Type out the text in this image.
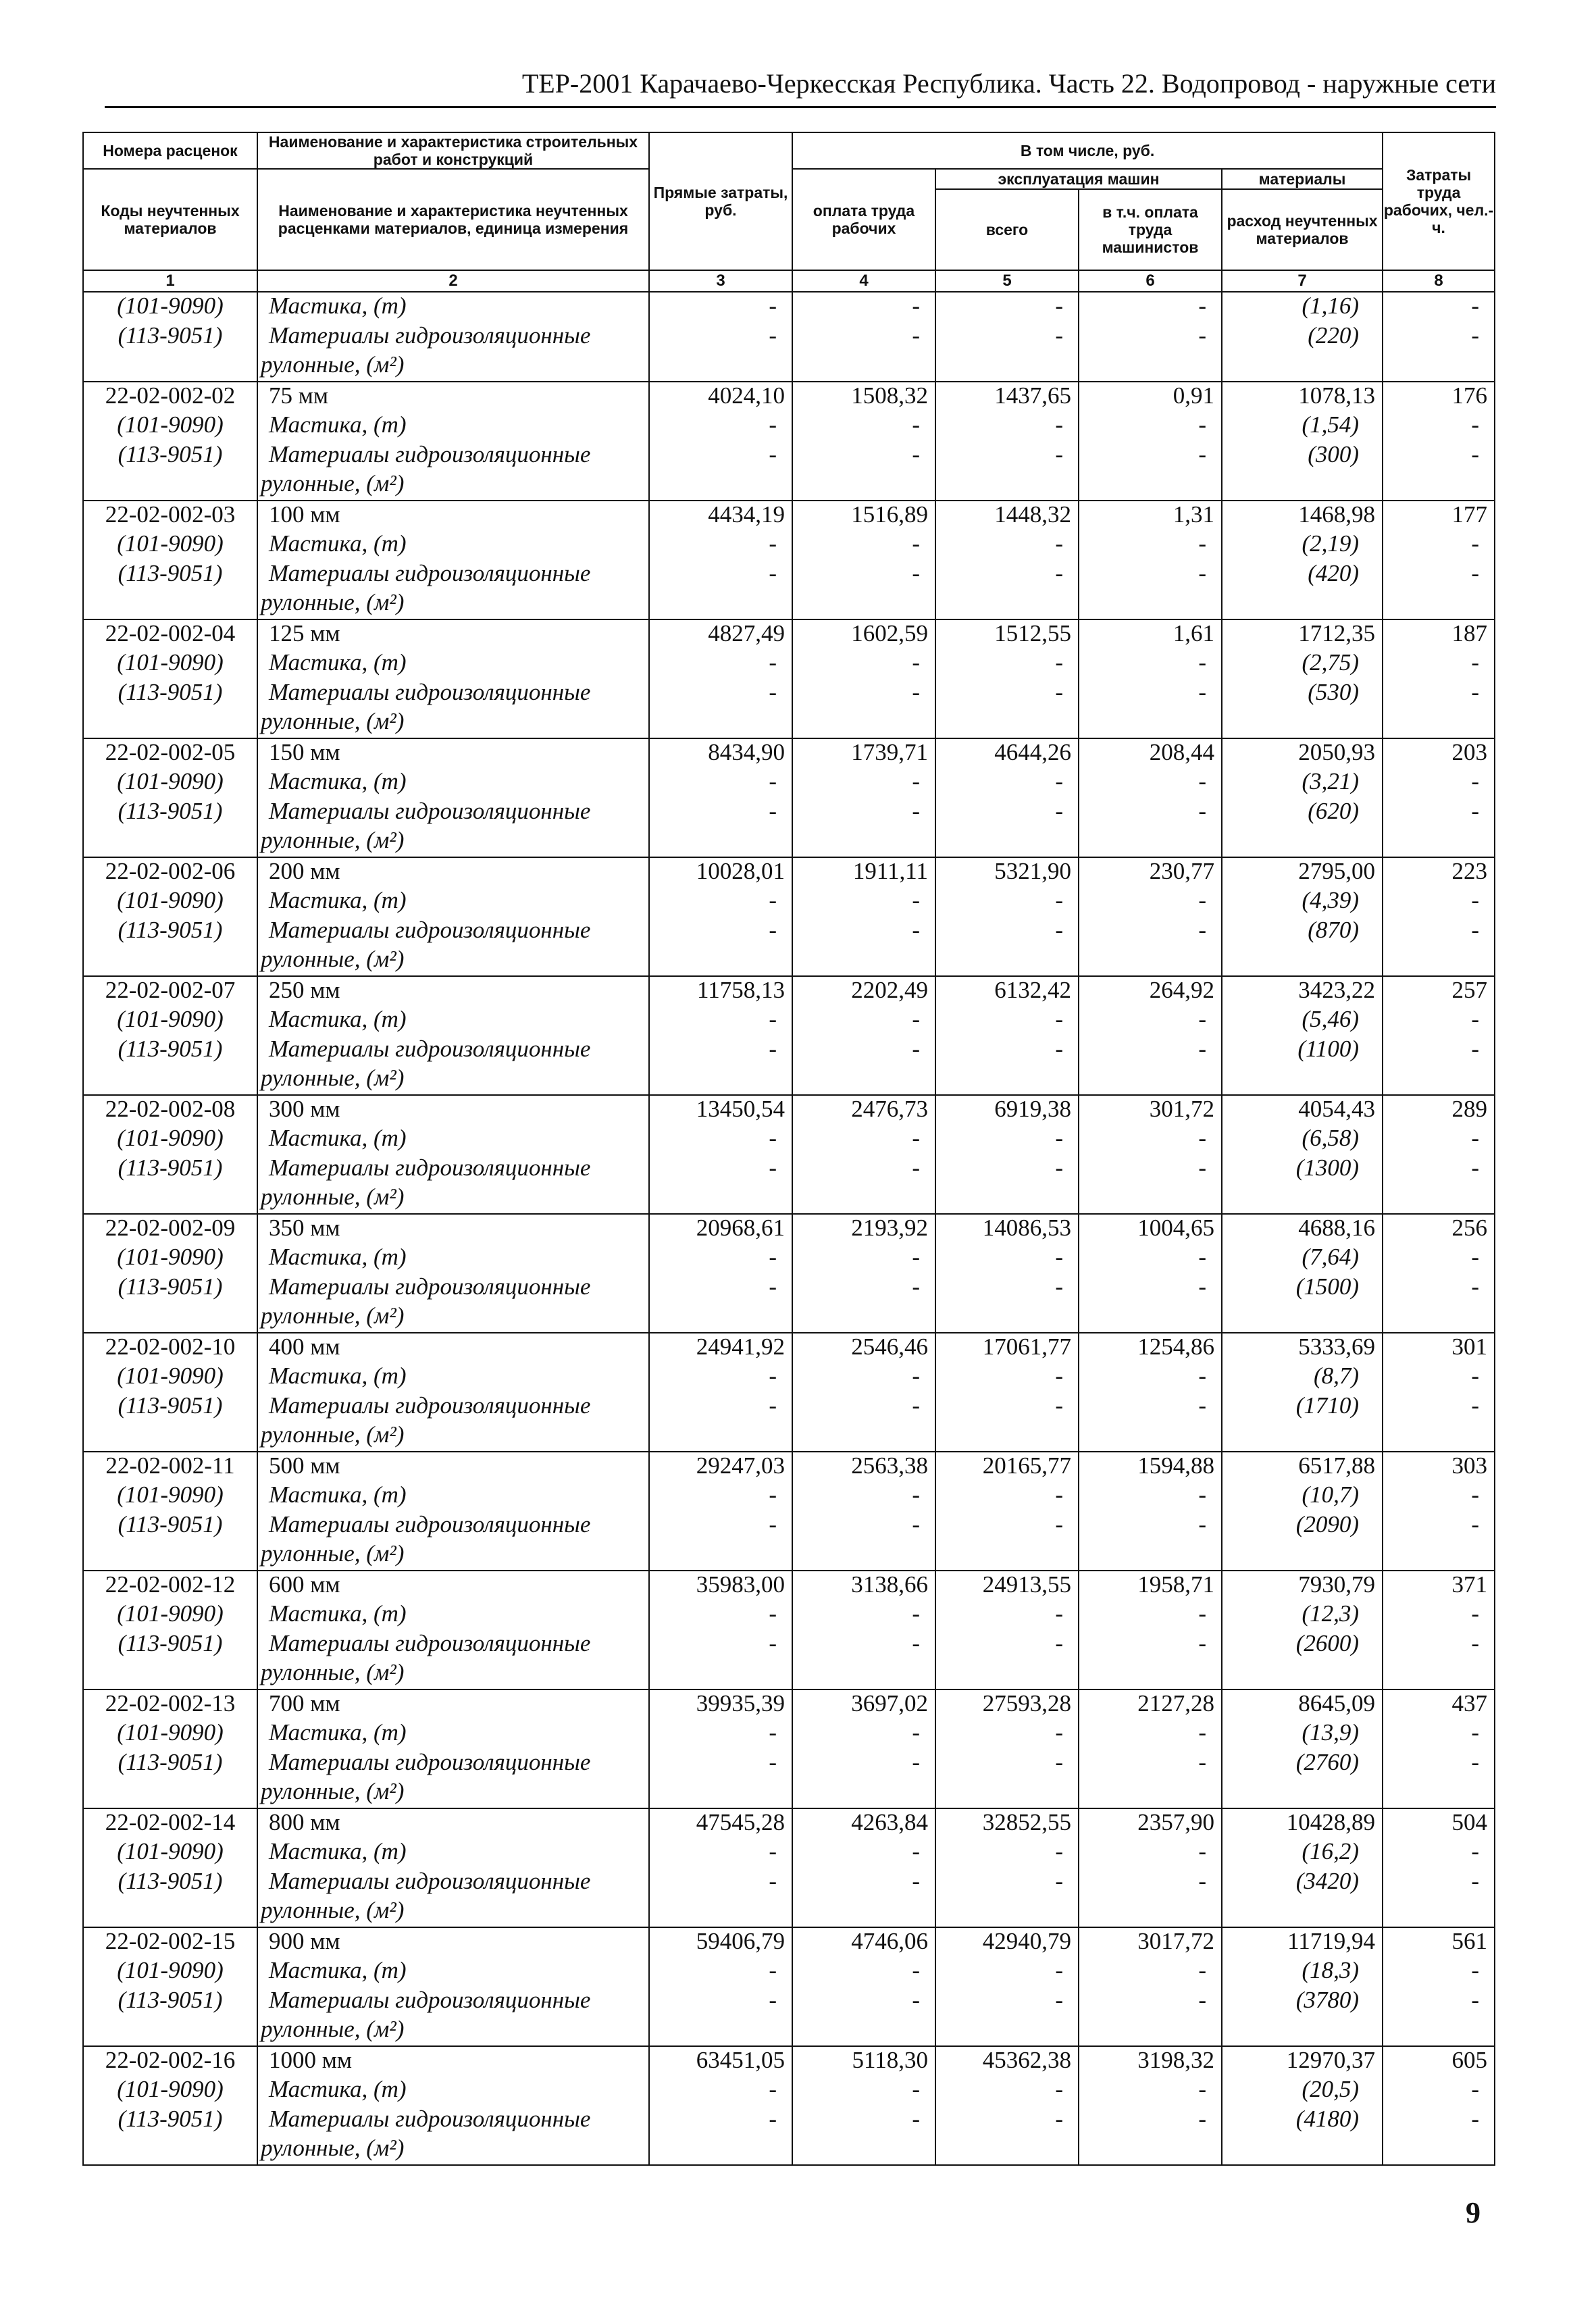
ТЕР-2001 Карачаево-Черкесская Республика. Часть 22. Водопровод - наружные сети
Номера расценок	Наименование и характеристика строительных работ и конструкций	Прямые затраты, руб.	В том числе, руб.				Затраты труда рабочих, чел.-ч.
Коды неучтенных материалов	Наименование и характеристика неучтенных расценками материалов, единица измерения		оплата труда рабочих	эксплуатация машин		материалы	
				всего	в т.ч. оплата труда машинистов	расход неучтенных материалов	
1	2	3	4	5	6	7	8
(101-9090)	Мастика, (т)	-	-	-	-	(1,16)	-
(113-9051)	Материалы гидроизоляционные	-	-	-	-	(220)	-
	рулонные, (м²)						
22-02-002-02	75 мм	4024,10	1508,32	1437,65	0,91	1078,13	176
(101-9090)	Мастика, (т)	-	-	-	-	(1,54)	-
(113-9051)	Материалы гидроизоляционные	-	-	-	-	(300)	-
	рулонные, (м²)						
22-02-002-03	100 мм	4434,19	1516,89	1448,32	1,31	1468,98	177
(101-9090)	Мастика, (т)	-	-	-	-	(2,19)	-
(113-9051)	Материалы гидроизоляционные	-	-	-	-	(420)	-
	рулонные, (м²)						
22-02-002-04	125 мм	4827,49	1602,59	1512,55	1,61	1712,35	187
(101-9090)	Мастика, (т)	-	-	-	-	(2,75)	-
(113-9051)	Материалы гидроизоляционные	-	-	-	-	(530)	-
	рулонные, (м²)						
22-02-002-05	150 мм	8434,90	1739,71	4644,26	208,44	2050,93	203
(101-9090)	Мастика, (т)	-	-	-	-	(3,21)	-
(113-9051)	Материалы гидроизоляционные	-	-	-	-	(620)	-
	рулонные, (м²)						
22-02-002-06	200 мм	10028,01	1911,11	5321,90	230,77	2795,00	223
(101-9090)	Мастика, (т)	-	-	-	-	(4,39)	-
(113-9051)	Материалы гидроизоляционные	-	-	-	-	(870)	-
	рулонные, (м²)						
22-02-002-07	250 мм	11758,13	2202,49	6132,42	264,92	3423,22	257
(101-9090)	Мастика, (т)	-	-	-	-	(5,46)	-
(113-9051)	Материалы гидроизоляционные	-	-	-	-	(1100)	-
	рулонные, (м²)						
22-02-002-08	300 мм	13450,54	2476,73	6919,38	301,72	4054,43	289
(101-9090)	Мастика, (т)	-	-	-	-	(6,58)	-
(113-9051)	Материалы гидроизоляционные	-	-	-	-	(1300)	-
	рулонные, (м²)						
22-02-002-09	350 мм	20968,61	2193,92	14086,53	1004,65	4688,16	256
(101-9090)	Мастика, (т)	-	-	-	-	(7,64)	-
(113-9051)	Материалы гидроизоляционные	-	-	-	-	(1500)	-
	рулонные, (м²)						
22-02-002-10	400 мм	24941,92	2546,46	17061,77	1254,86	5333,69	301
(101-9090)	Мастика, (т)	-	-	-	-	(8,7)	-
(113-9051)	Материалы гидроизоляционные	-	-	-	-	(1710)	-
	рулонные, (м²)						
22-02-002-11	500 мм	29247,03	2563,38	20165,77	1594,88	6517,88	303
(101-9090)	Мастика, (т)	-	-	-	-	(10,7)	-
(113-9051)	Материалы гидроизоляционные	-	-	-	-	(2090)	-
	рулонные, (м²)						
22-02-002-12	600 мм	35983,00	3138,66	24913,55	1958,71	7930,79	371
(101-9090)	Мастика, (т)	-	-	-	-	(12,3)	-
(113-9051)	Материалы гидроизоляционные	-	-	-	-	(2600)	-
	рулонные, (м²)						
22-02-002-13	700 мм	39935,39	3697,02	27593,28	2127,28	8645,09	437
(101-9090)	Мастика, (т)	-	-	-	-	(13,9)	-
(113-9051)	Материалы гидроизоляционные	-	-	-	-	(2760)	-
	рулонные, (м²)						
22-02-002-14	800 мм	47545,28	4263,84	32852,55	2357,90	10428,89	504
(101-9090)	Мастика, (т)	-	-	-	-	(16,2)	-
(113-9051)	Материалы гидроизоляционные	-	-	-	-	(3420)	-
	рулонные, (м²)						
22-02-002-15	900 мм	59406,79	4746,06	42940,79	3017,72	11719,94	561
(101-9090)	Мастика, (т)	-	-	-	-	(18,3)	-
(113-9051)	Материалы гидроизоляционные	-	-	-	-	(3780)	-
	рулонные, (м²)						
22-02-002-16	1000 мм	63451,05	5118,30	45362,38	3198,32	12970,37	605
(101-9090)	Мастика, (т)	-	-	-	-	(20,5)	-
(113-9051)	Материалы гидроизоляционные	-	-	-	-	(4180)	-
	рулонные, (м²)						
9
